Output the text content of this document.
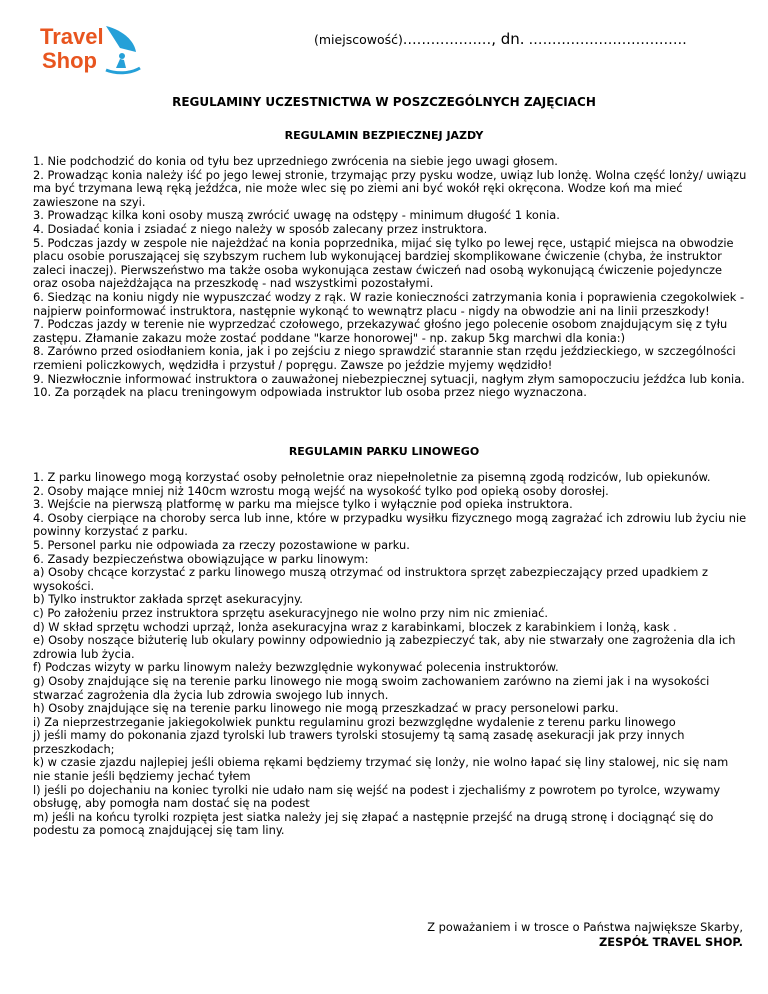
Travel
Shop
(miejscowość)..................., dn. …...............................
REGULAMINY UCZESTNICTWA W POSZCZEGÓLNYCH ZAJĘCIACH
REGULAMIN BEZPIECZNEJ JAZDY

1. Nie podchodzić do konia od tyłu bez uprzedniego zwrócenia na siebie jego uwagi głosem.

2. Prowadząc konia należy iść po jego lewej stronie, trzymając przy pysku wodze, uwiąz lub lonżę. Wolna część lonży/ uwiązu ma być trzymana lewą ręką jeźdźca, nie może wlec się po ziemi ani być wokół ręki okręcona. Wodze koń ma mieć zawieszone na szyi.

3. Prowadząc kilka koni osoby muszą zwrócić uwagę na odstępy - minimum długość 1 konia.

4. Dosiadać konia i zsiadać z niego należy w sposób zalecany przez instruktora.

5. Podczas jazdy w zespole nie najeżdżać na konia poprzednika, mijać się tylko po lewej ręce, ustąpić miejsca na obwodzie placu osobie poruszającej się szybszym ruchem lub wykonującej bardziej skomplikowane ćwiczenie (chyba, że instruktor zaleci inaczej). Pierwszeństwo ma także osoba wykonująca zestaw ćwiczeń nad osobą wykonującą ćwiczenie pojedyncze oraz osoba najeżdżająca na przeszkodę - nad wszystkimi pozostałymi.

6. Siedząc na koniu nigdy nie wypuszczać wodzy z rąk. W razie konieczności zatrzymania konia i poprawienia czegokolwiek - najpierw poinformować instruktora, następnie wykonąć to wewnątrz placu - nigdy na obwodzie ani na linii przeszkody!

7. Podczas jazdy w terenie nie wyprzedzać czołowego, przekazywać głośno jego polecenie osobom znajdującym się z tyłu zastępu. Złamanie zakazu może zostać poddane "karze honorowej" - np. zakup 5kg marchwi dla konia:)

8. Zarówno przed osiodłaniem konia, jak i po zejściu z niego sprawdzić starannie stan rzędu jeździeckiego, w szczególności rzemieni policzkowych, wędzidła i przystuł / popręgu. Zawsze po jeździe myjemy wędzidło!

9. Niezwłocznie informować instruktora o zauważonej niebezpiecznej sytuacji, nagłym złym samopoczuciu jeźdźca lub konia.

10. Za porządek na placu treningowym odpowiada instruktor lub osoba przez niego wyznaczona.

REGULAMIN PARKU LINOWEGO

1. Z parku linowego mogą korzystać osoby pełnoletnie oraz niepełnoletnie za pisemną zgodą rodziców, lub opiekunów.

2. Osoby mające mniej niż 140cm wzrostu mogą wejść na wysokość tylko pod opieką osoby dorosłej.

3. Wejście na pierwszą platformę w parku ma miejsce tylko i wyłącznie pod opieka instruktora.

4. Osoby cierpiące na choroby serca lub inne, które w przypadku wysiłku fizycznego mogą zagrażać ich zdrowiu lub życiu nie powinny korzystać z parku.

5. Personel parku nie odpowiada za rzeczy pozostawione w parku.

6. Zasady bezpieczeństwa obowiązujące w parku linowym:

a) Osoby chcące korzystać z parku linowego muszą otrzymać od instruktora sprzęt zabezpieczający przed upadkiem z wysokości.

b) Tylko instruktor zakłada sprzęt asekuracyjny.

c) Po założeniu przez instruktora sprzętu asekuracyjnego nie wolno przy nim nic zmieniać.

d) W skład sprzętu wchodzi uprząż, lonża asekuracyjna wraz z karabinkami, bloczek z karabinkiem i lonżą, kask .

e) Osoby noszące biżuterię lub okulary powinny odpowiednio ją zabezpieczyć tak, aby nie stwarzały one zagrożenia dla ich zdrowia lub życia.

f) Podczas wizyty w parku linowym należy bezwzględnie wykonywać polecenia instruktorów.

g) Osoby znajdujące się na terenie parku linowego nie mogą swoim zachowaniem zarówno na ziemi jak i na wysokości stwarzać zagrożenia dla życia lub zdrowia swojego lub innych.

h) Osoby znajdujące się na terenie parku linowego nie mogą przeszkadzać w pracy personelowi parku.

i) Za nieprzestrzeganie jakiegokolwiek punktu regulaminu grozi bezwzględne wydalenie z terenu parku linowego

j) jeśli mamy do pokonania zjazd tyrolski lub trawers tyrolski stosujemy tą samą zasadę asekuracji jak przy innych przeszkodach;

k) w czasie zjazdu najlepiej jeśli obiema rękami będziemy trzymać się lonży, nie wolno łapać się liny stalowej, nic się nam nie stanie jeśli będziemy jechać tyłem

l) jeśli po dojechaniu na koniec tyrolki nie udało nam się wejść na podest i zjechaliśmy z powrotem po tyrolce, wzywamy obsługę, aby pomogła nam dostać się na podest

m) jeśli na końcu tyrolki rozpięta jest siatka należy jej się złapać a następnie przejść na drugą stronę i dociągnąć się do podestu za pomocą znajdującej się tam liny.

Z poważaniem i w trosce o Państwa największe Skarby,
ZESPÓŁ TRAVEL SHOP.
